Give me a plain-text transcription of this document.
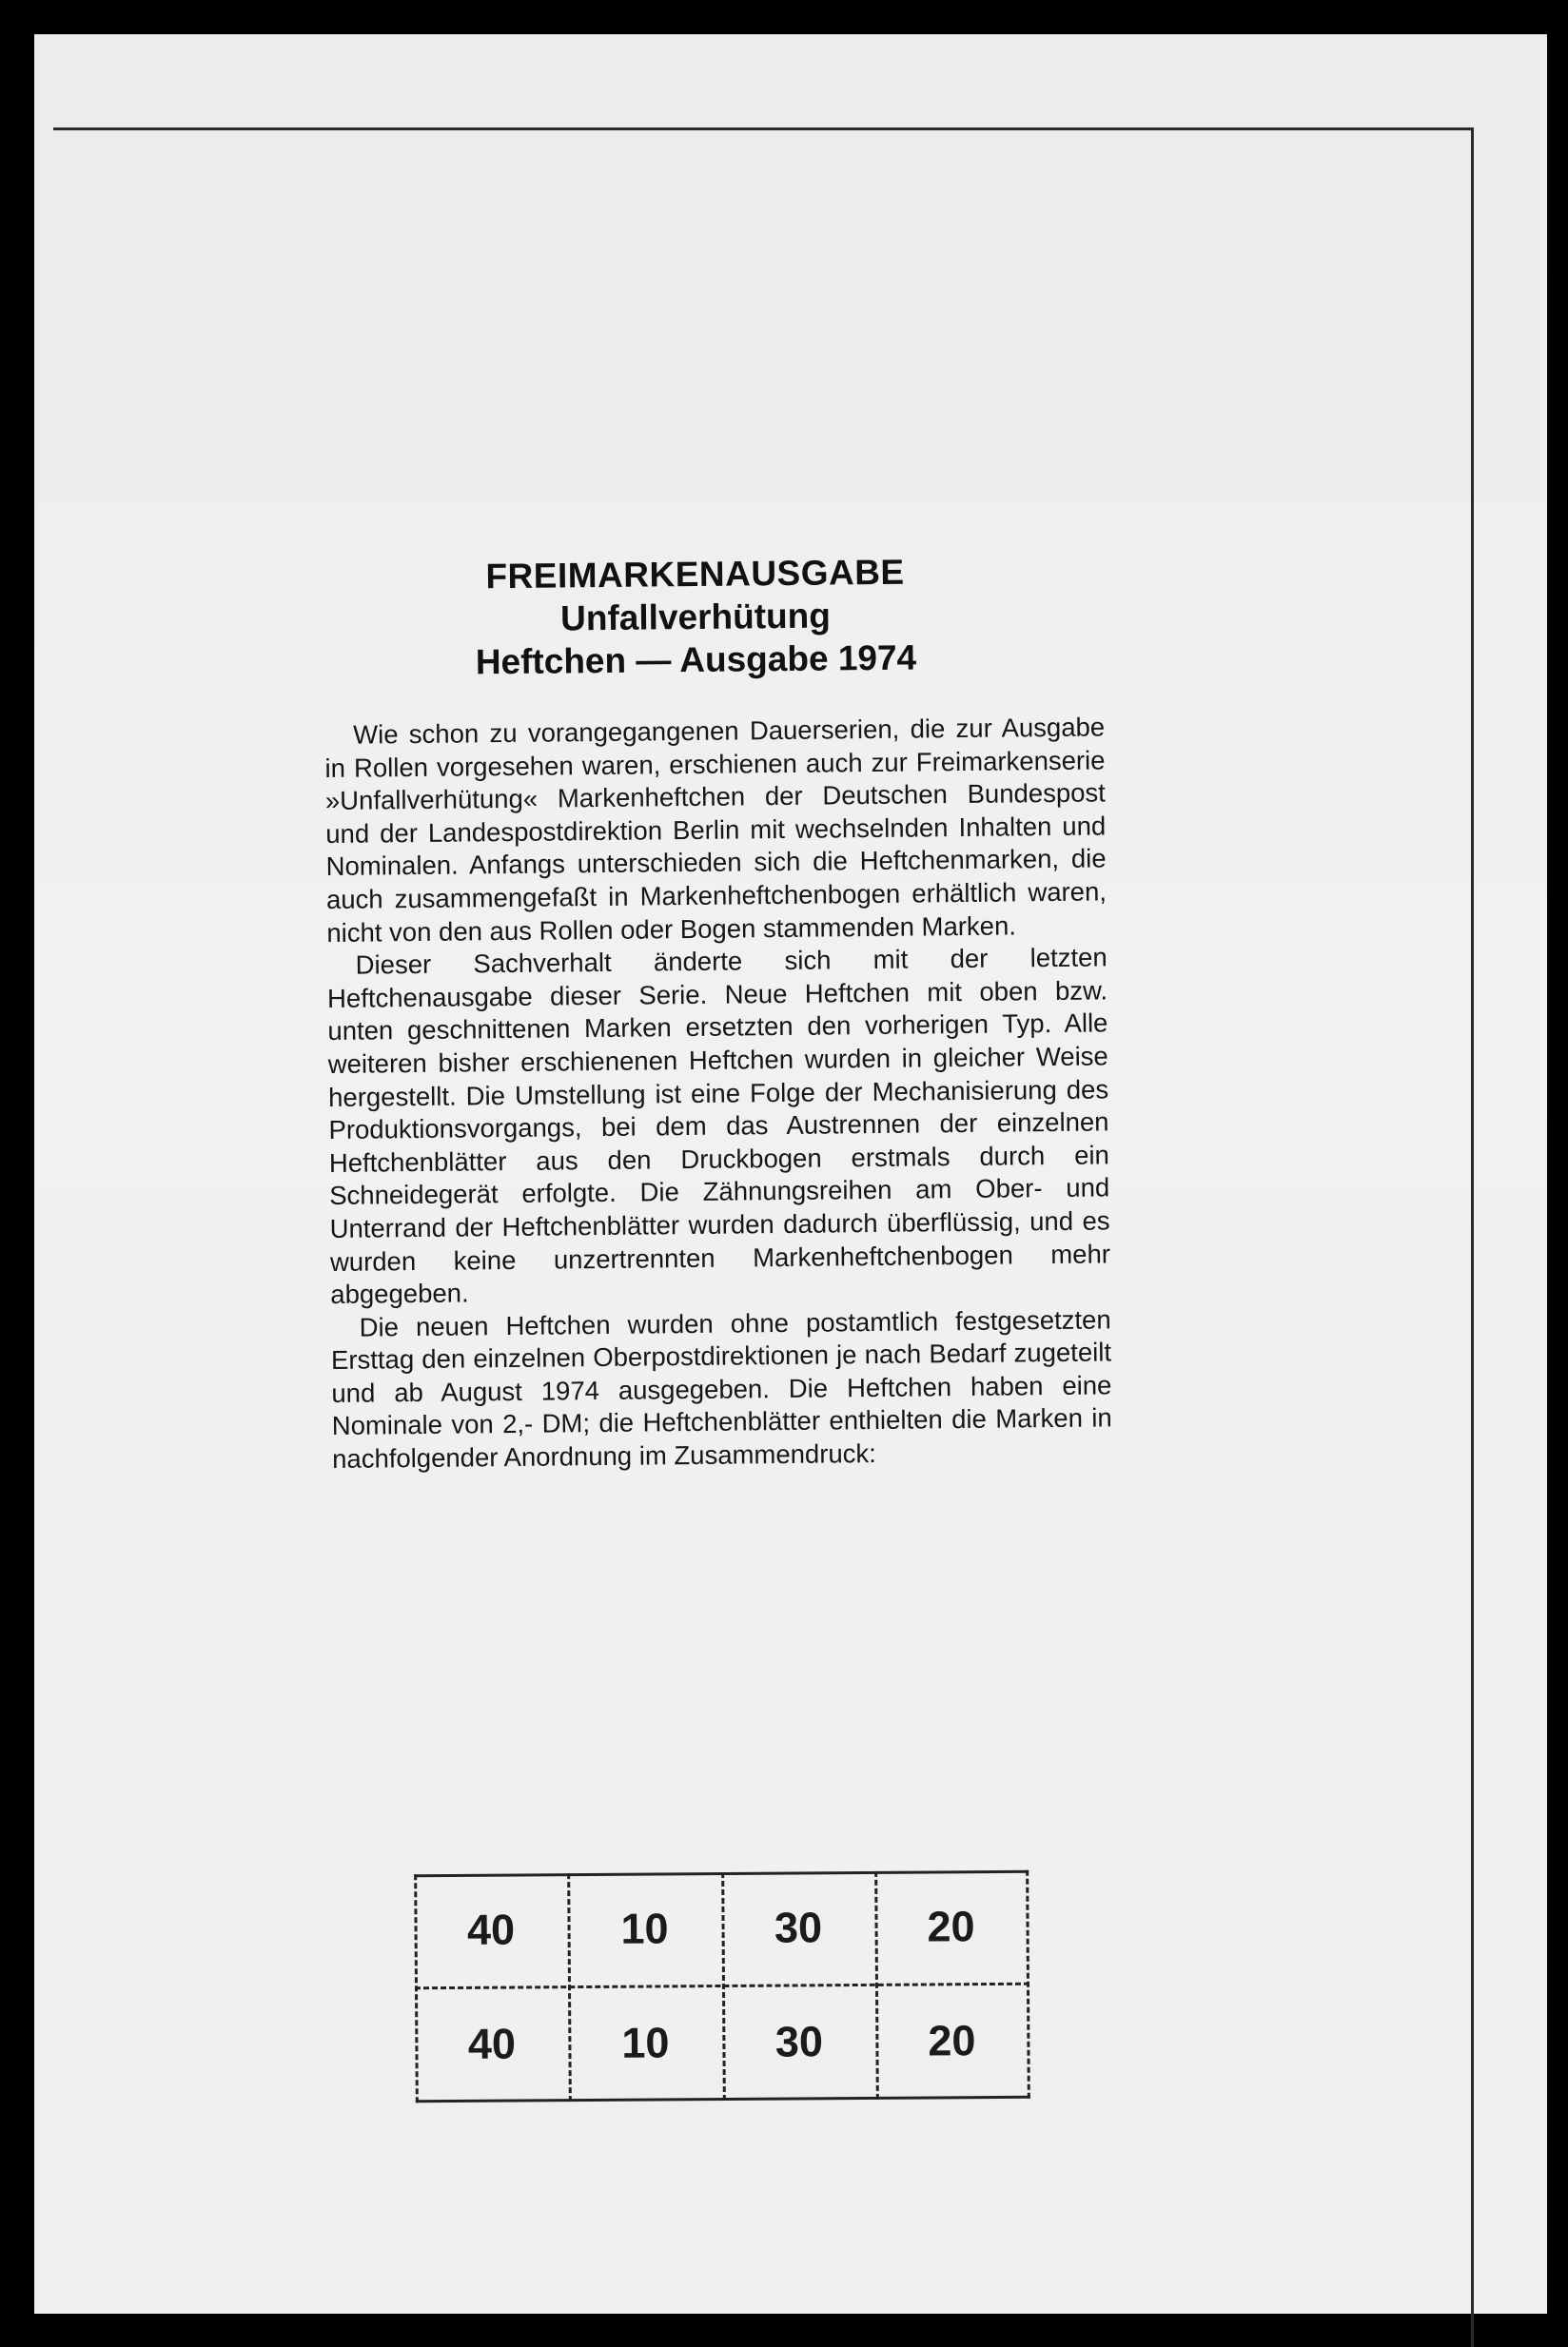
FREIMARKENAUSGABE
Unfallverhütung
Heftchen — Ausgabe 1974

Wie schon zu vorangegangenen Dauerserien, die zur Ausgabe in Rollen vorgesehen waren, erschienen auch zur Freimarkenserie »Unfallverhütung« Markenheftchen der Deutschen Bundespost und der Landespostdirektion Berlin mit wechselnden Inhalten und Nominalen. Anfangs unterschieden sich die Heftchenmarken, die auch zusammengefaßt in Markenheftchenbogen erhältlich waren, nicht von den aus Rollen oder Bogen stammenden Marken.

Dieser Sachverhalt änderte sich mit der letzten Heftchenausgabe dieser Serie. Neue Heftchen mit oben bzw. unten geschnittenen Marken ersetzten den vorherigen Typ. Alle weiteren bisher erschienenen Heftchen wurden in gleicher Weise hergestellt. Die Umstellung ist eine Folge der Mechanisierung des Produktionsvorgangs, bei dem das Austrennen der einzelnen Heftchenblätter aus den Druckbogen erstmals durch ein Schneidegerät erfolgte. Die Zähnungsreihen am Ober- und Unterrand der Heftchenblätter wurden dadurch überflüssig, und es wurden keine unzertrennten Markenheftchenbogen mehr abgegeben.

Die neuen Heftchen wurden ohne postamtlich festgesetzten Ersttag den einzelnen Oberpostdirektionen je nach Bedarf zugeteilt und ab August 1974 ausgegeben. Die Heftchen haben eine Nominale von 2,- DM; die Heftchenblätter enthielten die Marken in nachfolgender Anordnung im Zusammendruck:

40	10	30	20
40	10	30	20
